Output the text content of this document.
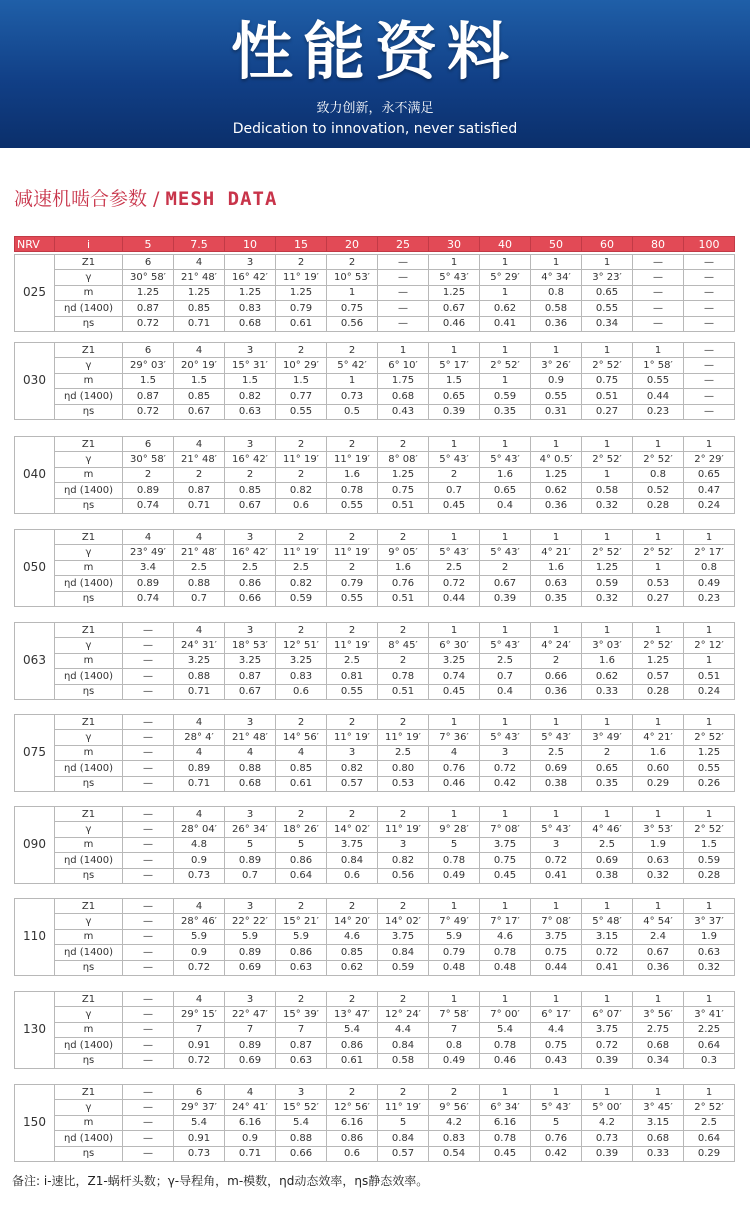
性能资料
致力创新，永不满足
Dedication to innovation, never satisfied
减速机啮合参数 / MESH DATA
NRV	i	5	7.5	10	15	20	25	30	40	50	60	80	100
025	Z1	6	4	3	2	2	—	1	1	1	1	—	—
	γ	30° 58′	21° 48′	16° 42′	11° 19′	10° 53′	—	5° 43′	5° 29′	4° 34′	3° 23′	—	—
	m	1.25	1.25	1.25	1.25	1	—	1.25	1	0.8	0.65	—	—
	ηd (1400)	0.87	0.85	0.83	0.79	0.75	—	0.67	0.62	0.58	0.55	—	—
	ηs	0.72	0.71	0.68	0.61	0.56	—	0.46	0.41	0.36	0.34	—	—
030	Z1	6	4	3	2	2	1	1	1	1	1	1	—
	γ	29° 03′	20° 19′	15° 31′	10° 29′	5° 42′	6° 10′	5° 17′	2° 52′	3° 26′	2° 52′	1° 58′	—
	m	1.5	1.5	1.5	1.5	1	1.75	1.5	1	0.9	0.75	0.55	—
	ηd (1400)	0.87	0.85	0.82	0.77	0.73	0.68	0.65	0.59	0.55	0.51	0.44	—
	ηs	0.72	0.67	0.63	0.55	0.5	0.43	0.39	0.35	0.31	0.27	0.23	—
040	Z1	6	4	3	2	2	2	1	1	1	1	1	1
	γ	30° 58′	21° 48′	16° 42′	11° 19′	11° 19′	8° 08′	5° 43′	5° 43′	4° 0.5′	2° 52′	2° 52′	2° 29′
	m	2	2	2	2	1.6	1.25	2	1.6	1.25	1	0.8	0.65
	ηd (1400)	0.89	0.87	0.85	0.82	0.78	0.75	0.7	0.65	0.62	0.58	0.52	0.47
	ηs	0.74	0.71	0.67	0.6	0.55	0.51	0.45	0.4	0.36	0.32	0.28	0.24
050	Z1	4	4	3	2	2	2	1	1	1	1	1	1
	γ	23° 49′	21° 48′	16° 42′	11° 19′	11° 19′	9° 05′	5° 43′	5° 43′	4° 21′	2° 52′	2° 52′	2° 17′
	m	3.4	2.5	2.5	2.5	2	1.6	2.5	2	1.6	1.25	1	0.8
	ηd (1400)	0.89	0.88	0.86	0.82	0.79	0.76	0.72	0.67	0.63	0.59	0.53	0.49
	ηs	0.74	0.7	0.66	0.59	0.55	0.51	0.44	0.39	0.35	0.32	0.27	0.23
063	Z1	—	4	3	2	2	2	1	1	1	1	1	1
	γ	—	24° 31′	18° 53′	12° 51′	11° 19′	8° 45′	6° 30′	5° 43′	4° 24′	3° 03′	2° 52′	2° 12′
	m	—	3.25	3.25	3.25	2.5	2	3.25	2.5	2	1.6	1.25	1
	ηd (1400)	—	0.88	0.87	0.83	0.81	0.78	0.74	0.7	0.66	0.62	0.57	0.51
	ηs	—	0.71	0.67	0.6	0.55	0.51	0.45	0.4	0.36	0.33	0.28	0.24
075	Z1	—	4	3	2	2	2	1	1	1	1	1	1
	γ	—	28° 4′	21° 48′	14° 56′	11° 19′	11° 19′	7° 36′	5° 43′	5° 43′	3° 49′	4° 21′	2° 52′
	m	—	4	4	4	3	2.5	4	3	2.5	2	1.6	1.25
	ηd (1400)	—	0.89	0.88	0.85	0.82	0.80	0.76	0.72	0.69	0.65	0.60	0.55
	ηs	—	0.71	0.68	0.61	0.57	0.53	0.46	0.42	0.38	0.35	0.29	0.26
090	Z1	—	4	3	2	2	2	1	1	1	1	1	1
	γ	—	28° 04′	26° 34′	18° 26′	14° 02′	11° 19′	9° 28′	7° 08′	5° 43′	4° 46′	3° 53′	2° 52′
	m	—	4.8	5	5	3.75	3	5	3.75	3	2.5	1.9	1.5
	ηd (1400)	—	0.9	0.89	0.86	0.84	0.82	0.78	0.75	0.72	0.69	0.63	0.59
	ηs	—	0.73	0.7	0.64	0.6	0.56	0.49	0.45	0.41	0.38	0.32	0.28
110	Z1	—	4	3	2	2	2	1	1	1	1	1	1
	γ	—	28° 46′	22° 22′	15° 21′	14° 20′	14° 02′	7° 49′	7° 17′	7° 08′	5° 48′	4° 54′	3° 37′
	m	—	5.9	5.9	5.9	4.6	3.75	5.9	4.6	3.75	3.15	2.4	1.9
	ηd (1400)	—	0.9	0.89	0.86	0.85	0.84	0.79	0.78	0.75	0.72	0.67	0.63
	ηs	—	0.72	0.69	0.63	0.62	0.59	0.48	0.48	0.44	0.41	0.36	0.32
130	Z1	—	4	3	2	2	2	1	1	1	1	1	1
	γ	—	29° 15′	22° 47′	15° 39′	13° 47′	12° 24′	7° 58′	7° 00′	6° 17′	6° 07′	3° 56′	3° 41′
	m	—	7	7	7	5.4	4.4	7	5.4	4.4	3.75	2.75	2.25
	ηd (1400)	—	0.91	0.89	0.87	0.86	0.84	0.8	0.78	0.75	0.72	0.68	0.64
	ηs	—	0.72	0.69	0.63	0.61	0.58	0.49	0.46	0.43	0.39	0.34	0.3
150	Z1	—	6	4	3	2	2	2	1	1	1	1	1
	γ	—	29° 37′	24° 41′	15° 52′	12° 56′	11° 19′	9° 56′	6° 34′	5° 43′	5° 00′	3° 45′	2° 52′
	m	—	5.4	6.16	5.4	6.16	5	4.2	6.16	5	4.2	3.15	2.5
	ηd (1400)	—	0.91	0.9	0.88	0.86	0.84	0.83	0.78	0.76	0.73	0.68	0.64
	ηs	—	0.73	0.71	0.66	0.6	0.57	0.54	0.45	0.42	0.39	0.33	0.29
备注: i-速比，Z1-蜗杆头数；γ-导程角，m-模数，ηd动态效率，ηs静态效率。
